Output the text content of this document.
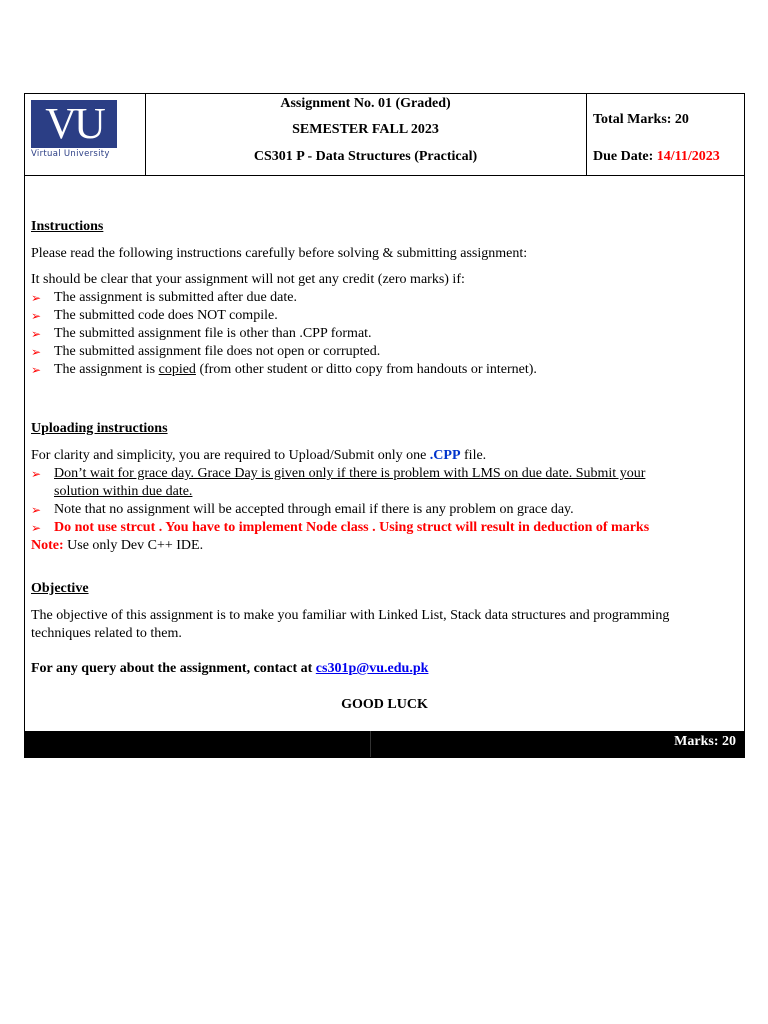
VU
Virtual University
Assignment No. 01 (Graded)
SEMESTER FALL 2023
CS301 P - Data Structures (Practical)
Total Marks: 20
Due Date: 14/11/2023
Instructions
Please read the following instructions carefully before solving & submitting assignment:
It should be clear that your assignment will not get any credit (zero marks) if:
➢ The assignment is submitted after due date.
➢ The submitted code does NOT compile.
➢ The submitted assignment file is other than .CPP format.
➢ The submitted assignment file does not open or corrupted.
➢ The assignment is copied (from other student or ditto copy from handouts or internet).
Uploading instructions
For clarity and simplicity, you are required to Upload/Submit only one .CPP file.
➢ Don’t wait for grace day. Grace Day is given only if there is problem with LMS on due date. Submit your
solution within due date.
➢ Note that no assignment will be accepted through email if there is any problem on grace day.
➢ Do not use strcut . You have to implement Node class . Using struct will result in deduction of marks
Note: Use only Dev C++ IDE.
Objective
The objective of this assignment is to make you familiar with Linked List, Stack data structures and programming
techniques related to them.
For any query about the assignment, contact at cs301p@vu.edu.pk
GOOD LUCK
Marks: 20
